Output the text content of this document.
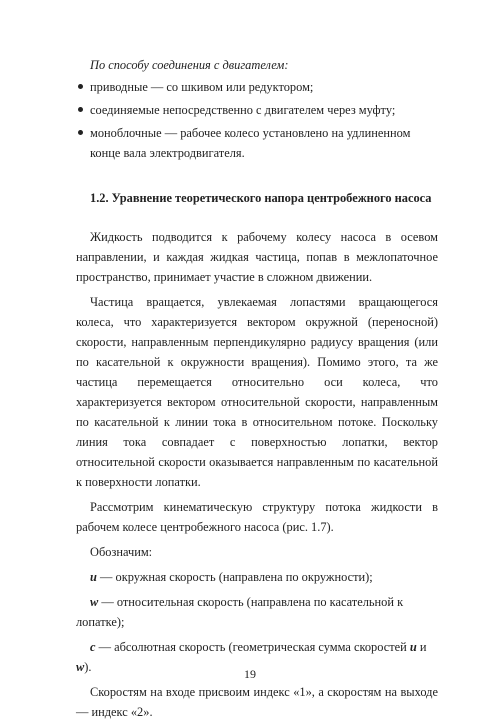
По способу соединения с двигателем:
приводные — со шкивом или редуктором;
соединяемые непосредственно с двигателем через муфту;
моноблочные — рабочее колесо установлено на удлиненном конце вала электродвигателя.
1.2. Уравнение теоретического напора центробежного насоса

Жидкость подводится к рабочему колесу насоса в осевом направлении, и каждая жидкая частица, попав в межлопаточное пространство, принимает участие в сложном движении.

Частица вращается, увлекаемая лопастями вращающегося колеса, что характеризуется вектором окружной (переносной) скорости, направленным перпендикулярно радиусу вращения (или по касательной к окружности вращения). Помимо этого, та же частица перемещается относительно оси колеса, что характеризуется вектором относительной скорости, направленным по касательной к линии тока в относительном потоке. Поскольку линия тока совпадает с поверхностью лопатки, вектор относительной скорости оказывается направленным по касательной к поверхности лопатки.

Рассмотрим кинематическую структуру потока жидкости в рабочем колесе центробежного насоса (рис. 1.7).

Обозначим:

u — окружная скорость (направлена по окружности);

w — относительная скорость (направлена по касательной к лопатке);

c — абсолютная скорость (геометрическая сумма скоростей u и w).

Скоростям на входе присвоим индекс «1», а скоростям на выходе — индекс «2».

19
